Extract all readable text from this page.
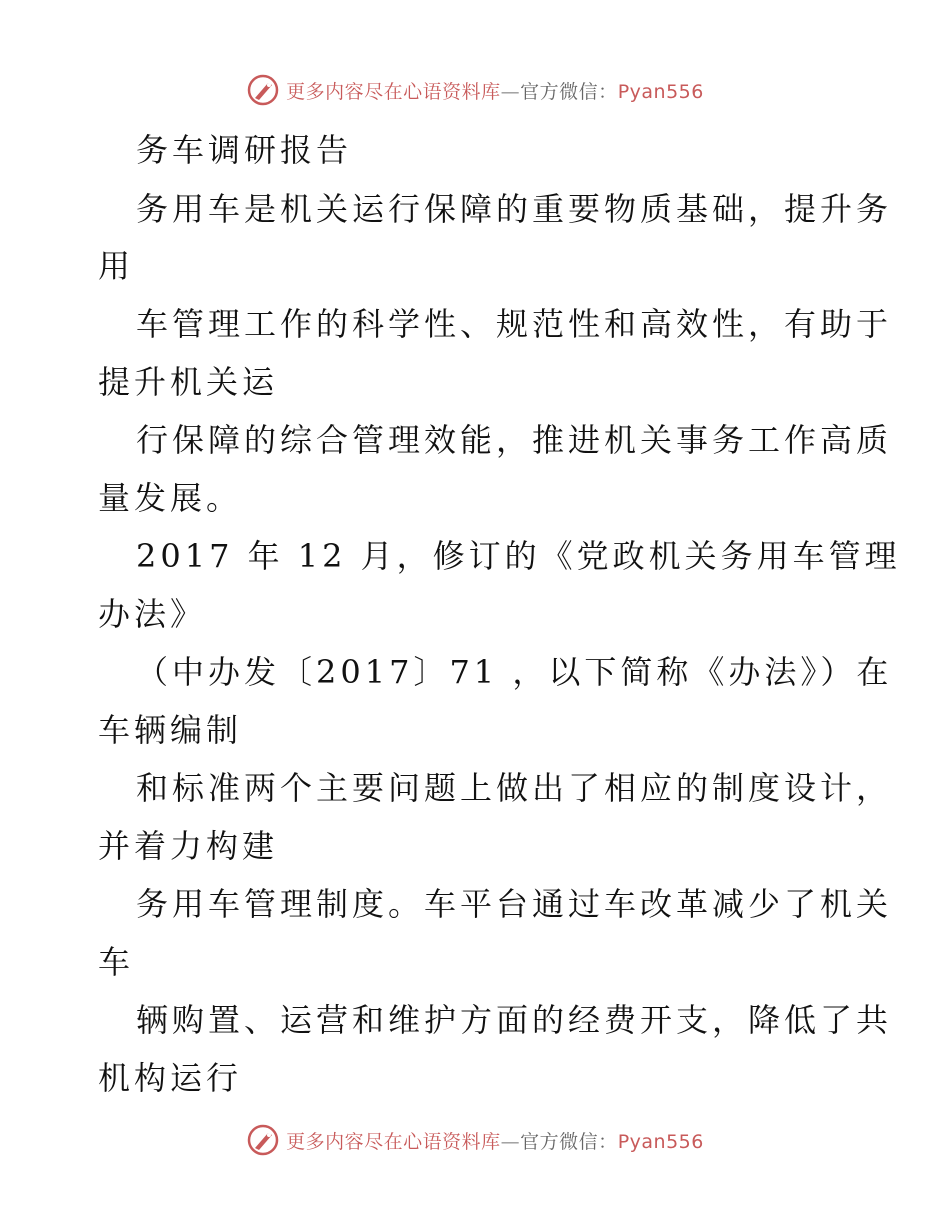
更多内容尽在心语资料库—官方微信：Pyan556
务车调研报告
务用车是机关运行保障的重要物质基础，提升务
用
车管理工作的科学性、规范性和高效性，有助于
提升机关运
行保障的综合管理效能，推进机关事务工作高质
量发展。
2017 年 12 月，修订的《党政机关务用车管理
办法》
（中办发〔2017〕71 ，以下简称《办法》）在
车辆编制
和标准两个主要问题上做出了相应的制度设计，
并着力构建
务用车管理制度。车平台通过车改革减少了机关
车
辆购置、运营和维护方面的经费开支，降低了共
机构运行
更多内容尽在心语资料库—官方微信：Pyan556
